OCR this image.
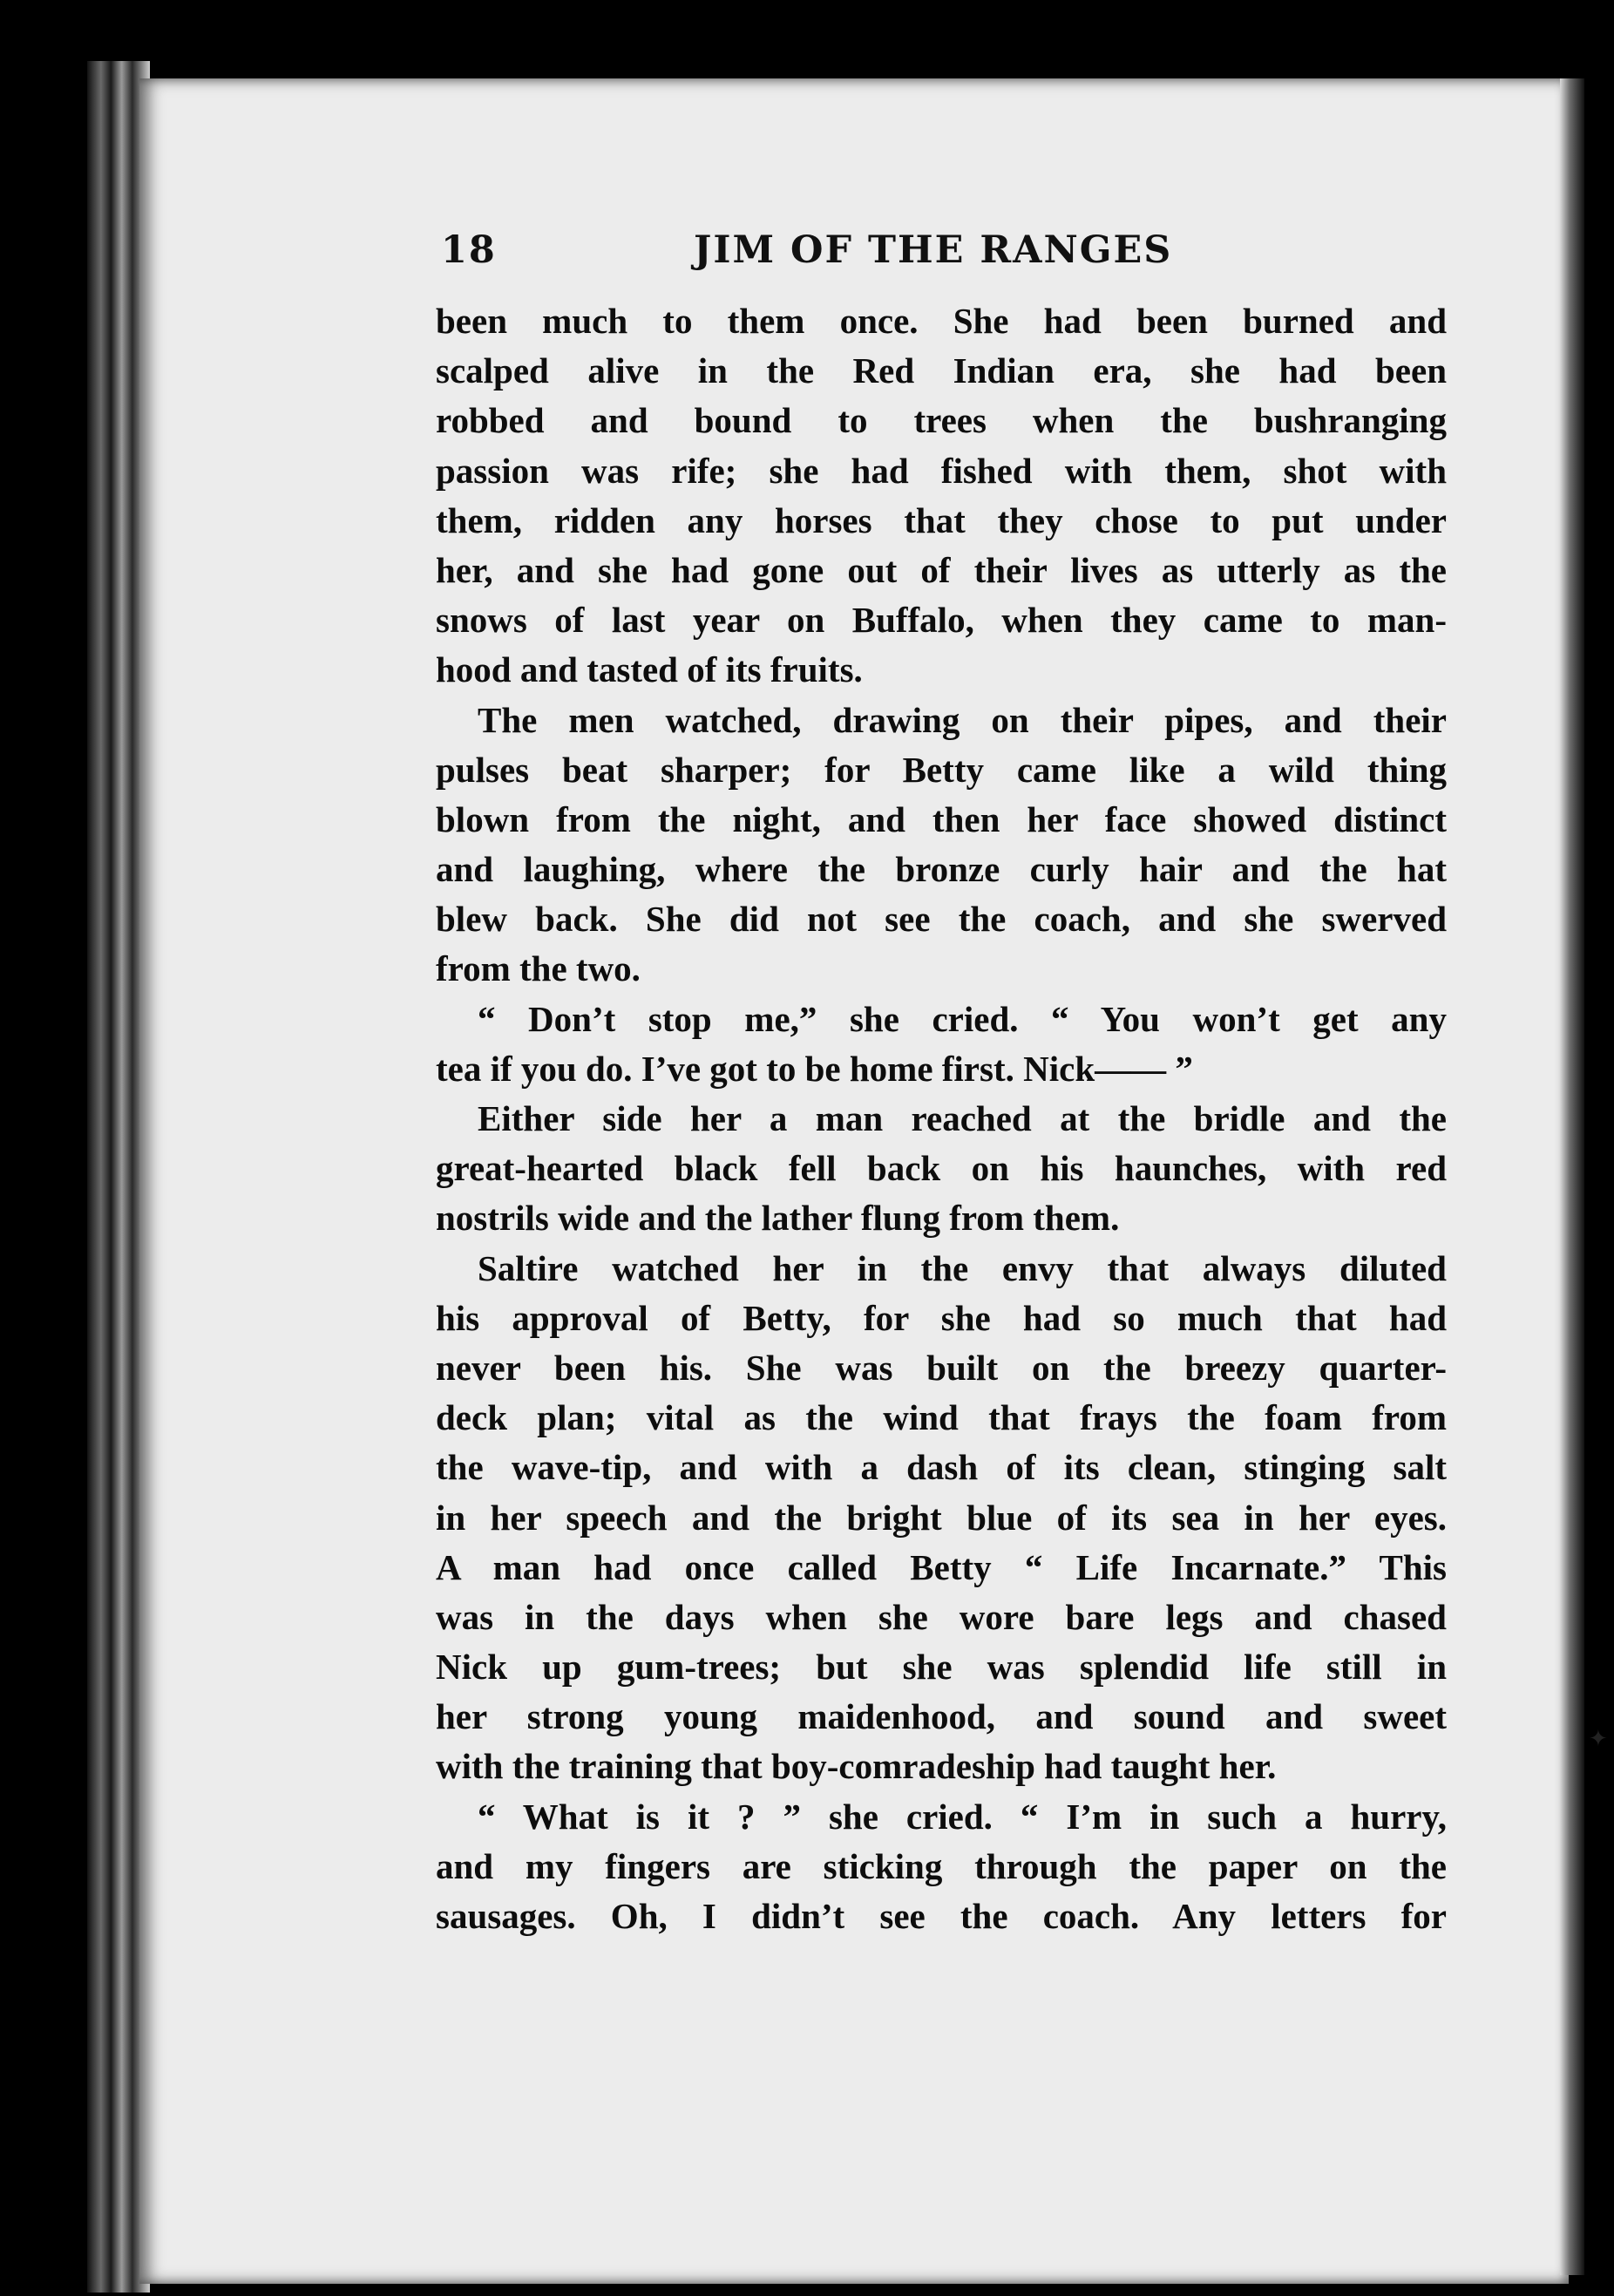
18	JIM OF THE RANGES
been much to them once. She had been burned and
scalped alive in the Red Indian era, she had been
robbed and bound to trees when the bushranging
passion was rife; she had fished with them, shot with
them, ridden any horses that they chose to put under
her, and she had gone out of their lives as utterly as the
snows of last year on Buffalo, when they came to man-
hood and tasted of its fruits.
The men watched, drawing on their pipes, and their
pulses beat sharper; for Betty came like a wild thing
blown from the night, and then her face showed distinct
and laughing, where the bronze curly hair and the hat
blew back. She did not see the coach, and she swerved
from the two.
“ Don’t stop me,” she cried. “ You won’t get any
tea if you do. I’ve got to be home first. Nick—— ”
Either side her a man reached at the bridle and the
great-hearted black fell back on his haunches, with red
nostrils wide and the lather flung from them.
Saltire watched her in the envy that always diluted
his approval of Betty, for she had so much that had
never been his. She was built on the breezy quarter-
deck plan; vital as the wind that frays the foam from
the wave-tip, and with a dash of its clean, stinging salt
in her speech and the bright blue of its sea in her eyes.
A man had once called Betty “ Life Incarnate.” This
was in the days when she wore bare legs and chased
Nick up gum-trees; but she was splendid life still in
her strong young maidenhood, and sound and sweet
with the training that boy-comradeship had taught her.
“ What is it ? ” she cried. “ I’m in such a hurry,
and my fingers are sticking through the paper on the
sausages. Oh, I didn’t see the coach. Any letters for
✦
